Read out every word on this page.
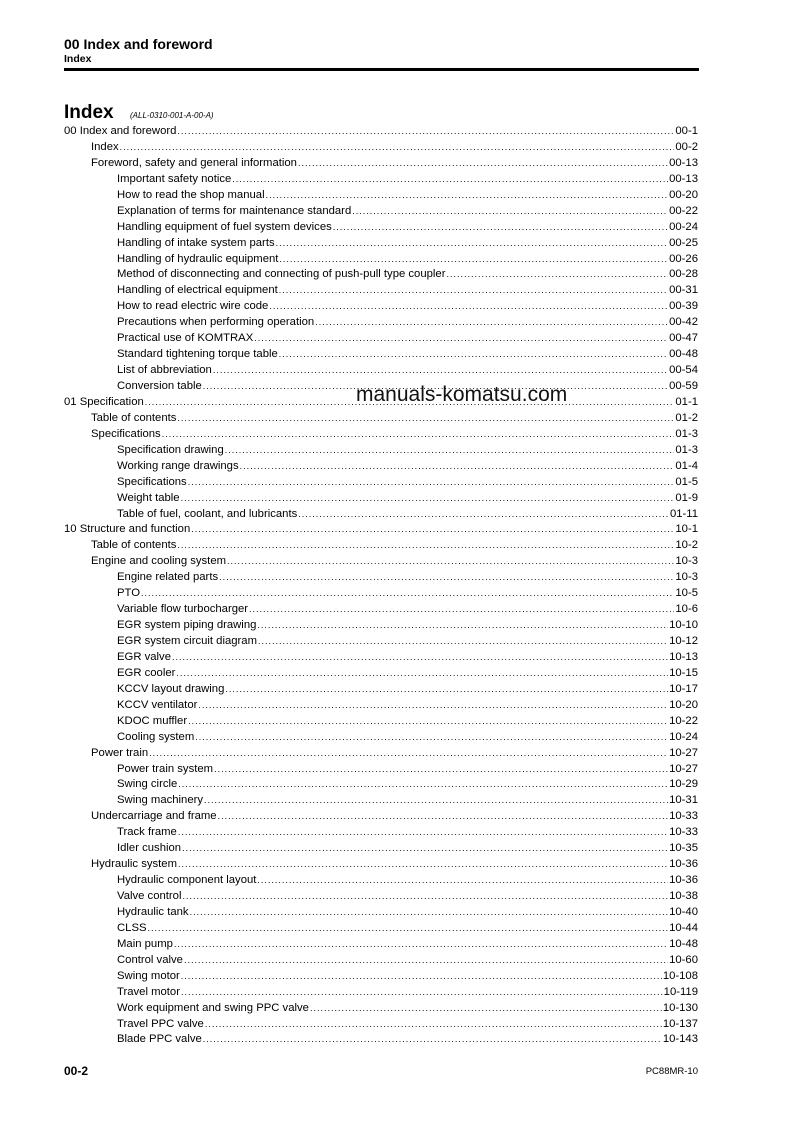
00 Index and foreword
Index
Index (ALL-0310-001-A-00-A)
00 Index and foreword .....	00-1
Index .....	00-2
Foreword, safety and general information .....	00-13
Important safety notice .....	00-13
How to read the shop manual .....	00-20
Explanation of terms for maintenance standard .....	00-22
Handling equipment of fuel system devices .....	00-24
Handling of intake system parts .....	00-25
Handling of hydraulic equipment .....	00-26
Method of disconnecting and connecting of push-pull type coupler .....	00-28
Handling of electrical equipment .....	00-31
How to read electric wire code .....	00-39
Precautions when performing operation .....	00-42
Practical use of KOMTRAX .....	00-47
Standard tightening torque table .....	00-48
List of abbreviation .....	00-54
Conversion table .....	00-59
01 Specification .....	01-1
Table of contents .....	01-2
Specifications .....	01-3
Specification drawing .....	01-3
Working range drawings .....	01-4
Specifications .....	01-5
Weight table .....	01-9
Table of fuel, coolant, and lubricants .....	01-11
10 Structure and function .....	10-1
Table of contents .....	10-2
Engine and cooling system .....	10-3
Engine related parts .....	10-3
PTO .....	10-5
Variable flow turbocharger .....	10-6
EGR system piping drawing .....	10-10
EGR system circuit diagram .....	10-12
EGR valve .....	10-13
EGR cooler .....	10-15
KCCV layout drawing .....	10-17
KCCV ventilator .....	10-20
KDOC muffler .....	10-22
Cooling system .....	10-24
Power train .....	10-27
Power train system .....	10-27
Swing circle .....	10-29
Swing machinery .....	10-31
Undercarriage and frame .....	10-33
Track frame .....	10-33
Idler cushion .....	10-35
Hydraulic system .....	10-36
Hydraulic component layout .....	10-36
Valve control .....	10-38
Hydraulic tank .....	10-40
CLSS .....	10-44
Main pump .....	10-48
Control valve .....	10-60
Swing motor .....	10-108
Travel motor .....	10-119
Work equipment and swing PPC valve .....	10-130
Travel PPC valve .....	10-137
Blade PPC valve .....	10-143
manuals-komatsu.com
00-2	PC88MR-10
